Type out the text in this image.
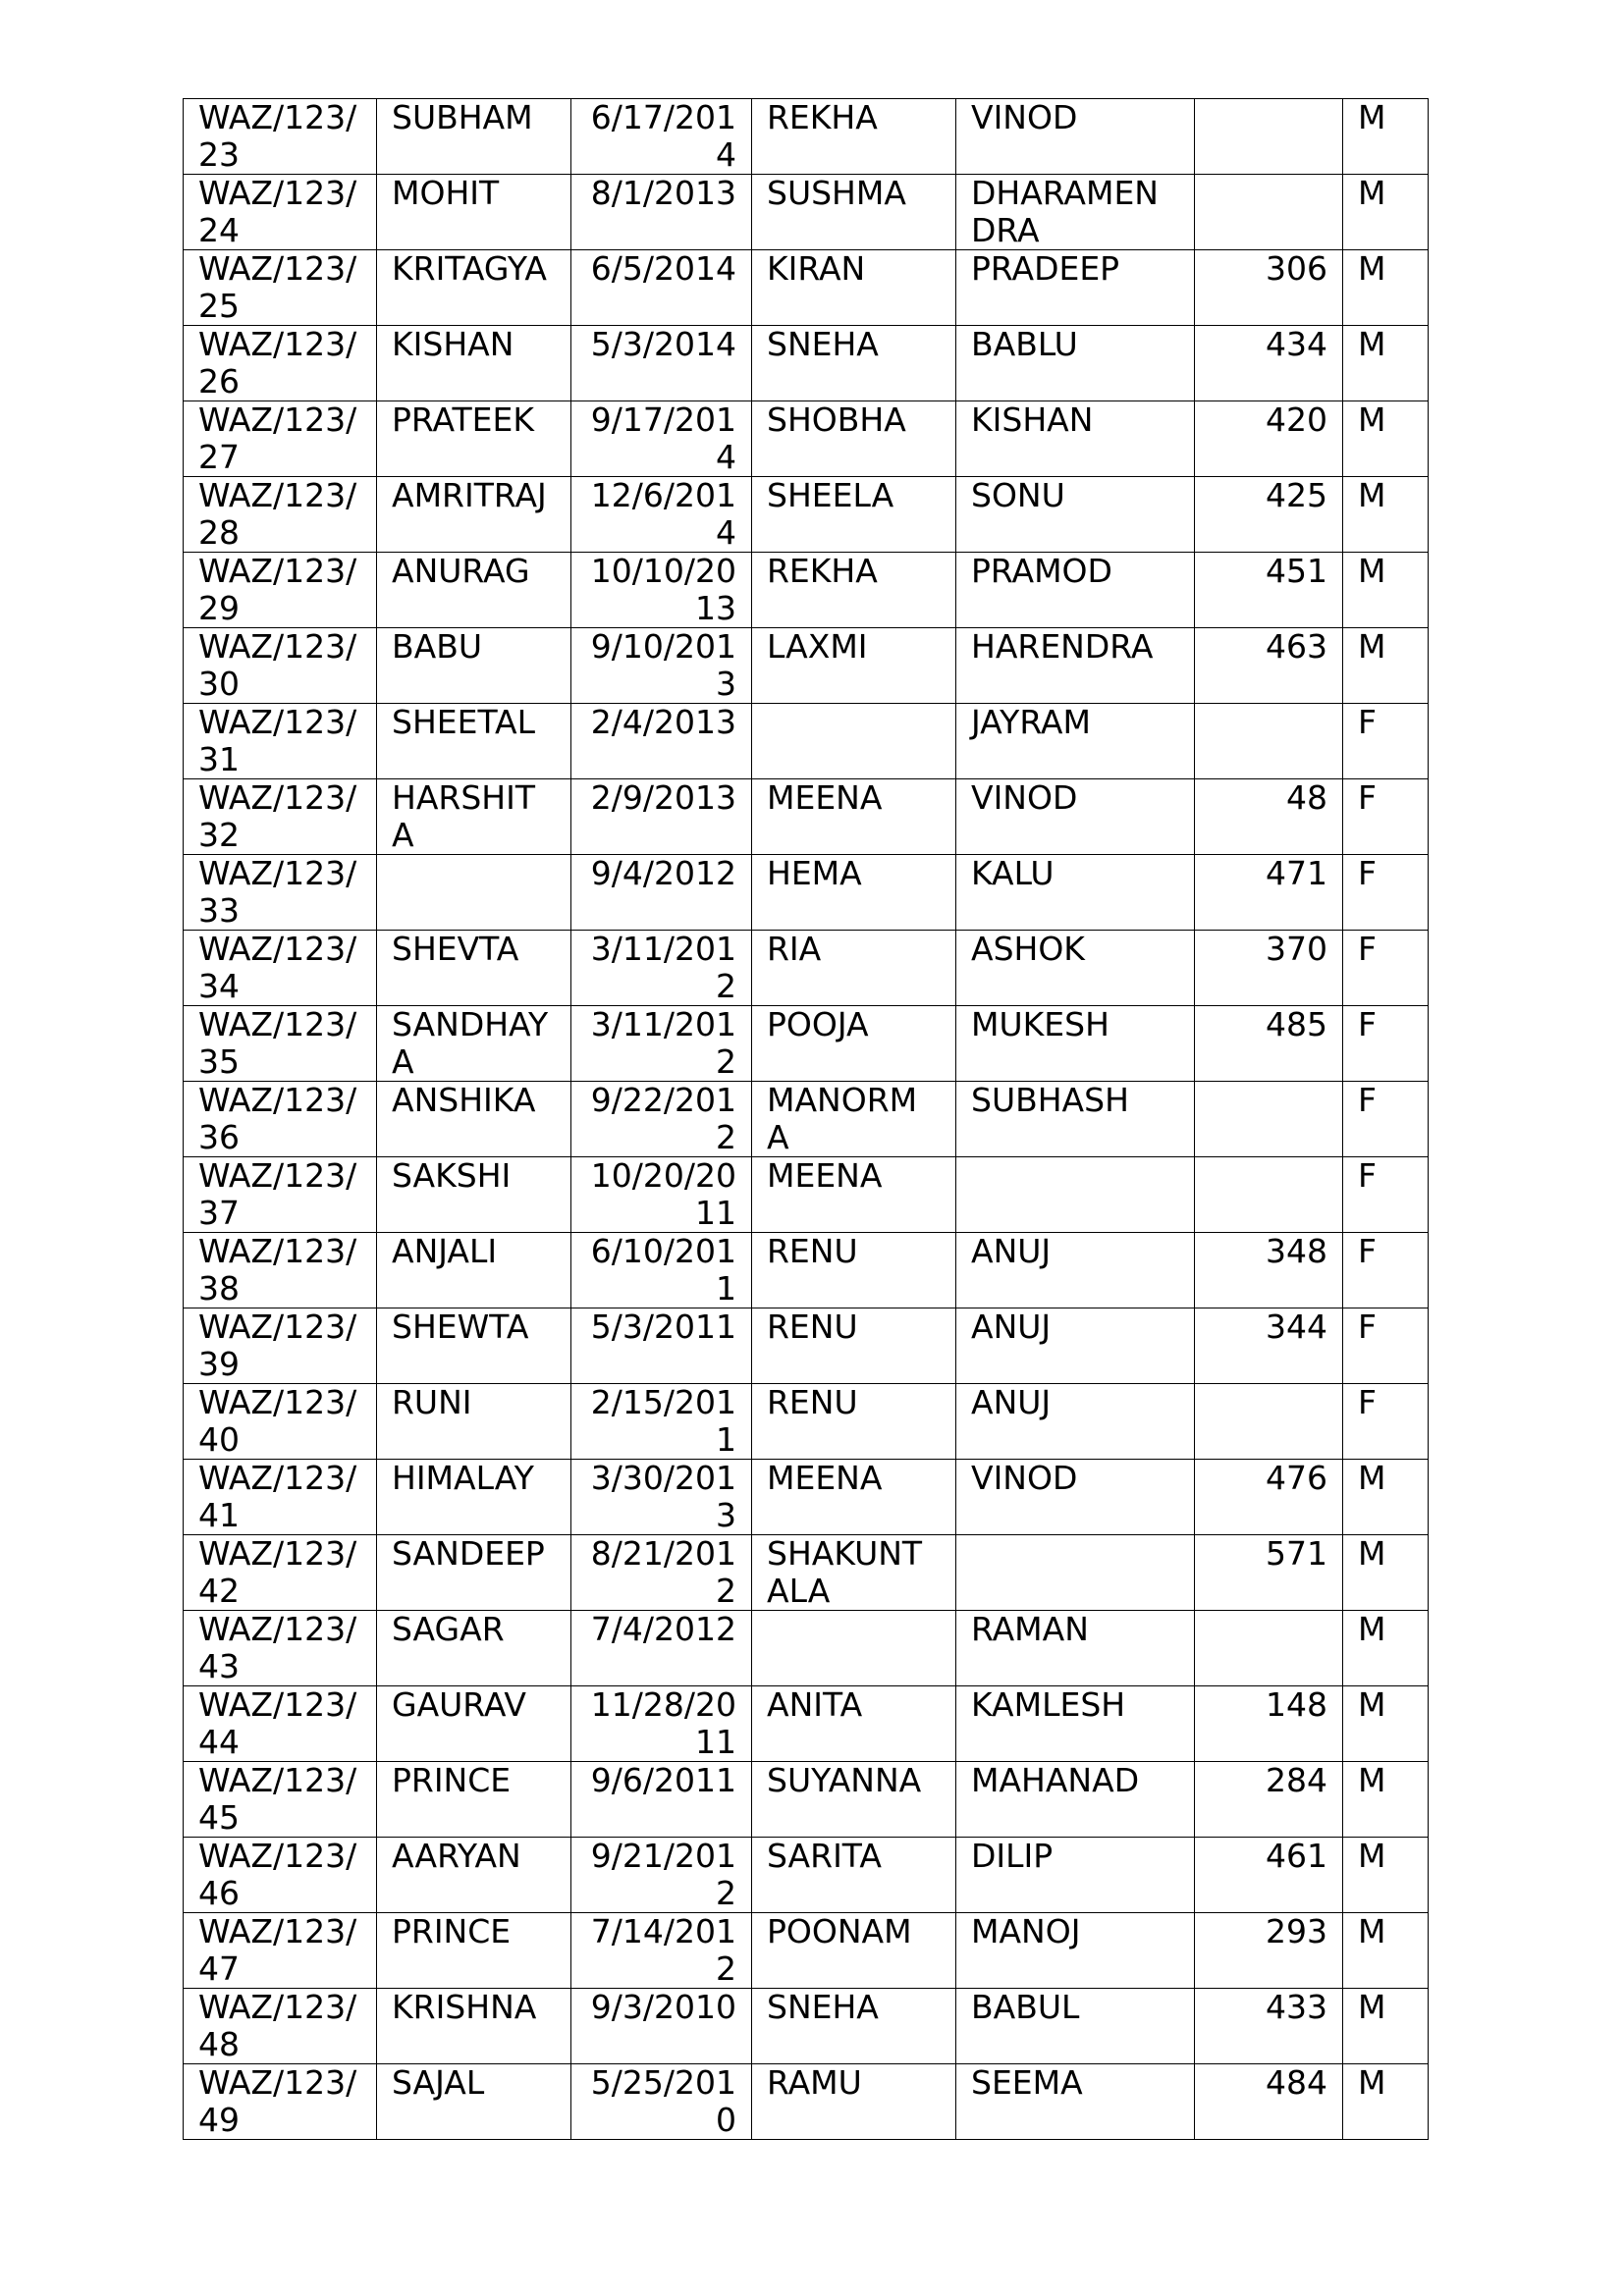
WAZ/123/
23	SUBHAM	6/17/201
4	REKHA	VINOD		M
WAZ/123/
24	MOHIT	8/1/2013	SUSHMA	DHARAMEN
DRA		M
WAZ/123/
25	KRITAGYA	6/5/2014	KIRAN	PRADEEP	306	M
WAZ/123/
26	KISHAN	5/3/2014	SNEHA	BABLU	434	M
WAZ/123/
27	PRATEEK	9/17/201
4	SHOBHA	KISHAN	420	M
WAZ/123/
28	AMRITRAJ	12/6/201
4	SHEELA	SONU	425	M
WAZ/123/
29	ANURAG	10/10/20
13	REKHA	PRAMOD	451	M
WAZ/123/
30	BABU	9/10/201
3	LAXMI	HARENDRA	463	M
WAZ/123/
31	SHEETAL	2/4/2013		JAYRAM		F
WAZ/123/
32	HARSHIT
A	2/9/2013	MEENA	VINOD	48	F
WAZ/123/
33		9/4/2012	HEMA	KALU	471	F
WAZ/123/
34	SHEVTA	3/11/201
2	RIA	ASHOK	370	F
WAZ/123/
35	SANDHAY
A	3/11/201
2	POOJA	MUKESH	485	F
WAZ/123/
36	ANSHIKA	9/22/201
2	MANORM
A	SUBHASH		F
WAZ/123/
37	SAKSHI	10/20/20
11	MEENA			F
WAZ/123/
38	ANJALI	6/10/201
1	RENU	ANUJ	348	F
WAZ/123/
39	SHEWTA	5/3/2011	RENU	ANUJ	344	F
WAZ/123/
40	RUNI	2/15/201
1	RENU	ANUJ		F
WAZ/123/
41	HIMALAY	3/30/201
3	MEENA	VINOD	476	M
WAZ/123/
42	SANDEEP	8/21/201
2	SHAKUNT
ALA		571	M
WAZ/123/
43	SAGAR	7/4/2012		RAMAN		M
WAZ/123/
44	GAURAV	11/28/20
11	ANITA	KAMLESH	148	M
WAZ/123/
45	PRINCE	9/6/2011	SUYANNA	MAHANAD	284	M
WAZ/123/
46	AARYAN	9/21/201
2	SARITA	DILIP	461	M
WAZ/123/
47	PRINCE	7/14/201
2	POONAM	MANOJ	293	M
WAZ/123/
48	KRISHNA	9/3/2010	SNEHA	BABUL	433	M
WAZ/123/
49	SAJAL	5/25/201
0	RAMU	SEEMA	484	M
